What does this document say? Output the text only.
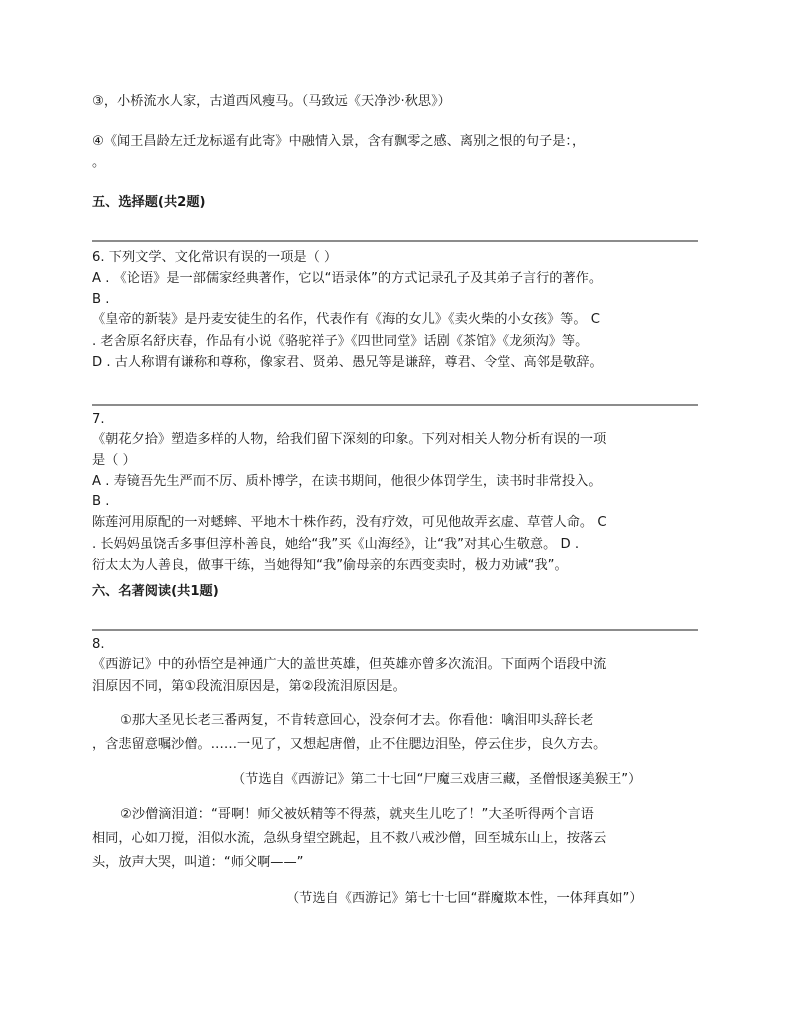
③，小桥流水人家，古道西风瘦马。（马致远《天净沙·秋思》）
④《闻王昌龄左迁龙标遥有此寄》中融情入景，含有飘零之感、离别之恨的句子是：，
。
五、选择题(共2题)
6. 下列文学、文化常识有误的一项是（ ）
A . 《论语》是一部儒家经典著作，它以“语录体”的方式记录孔子及其弟子言行的著作。
B .
《皇帝的新装》是丹麦安徒生的名作，代表作有《海的女儿》《卖火柴的小女孩》等。 C
. 老舍原名舒庆春，作品有小说《骆驼祥子》《四世同堂》话剧《茶馆》《龙须沟》等。
D . 古人称谓有谦称和尊称，像家君、贤弟、愚兄等是谦辞，尊君、令堂、高邻是敬辞。
7.
《朝花夕拾》塑造多样的人物，给我们留下深刻的印象。下列对相关人物分析有误的一项
是（ ）
A . 寿镜吾先生严而不厉、质朴博学，在读书期间，他很少体罚学生，读书时非常投入。
B .
陈莲河用原配的一对蟋蟀、平地木十株作药，没有疗效，可见他故弄玄虚、草菅人命。 C
. 长妈妈虽饶舌多事但淳朴善良，她给“我”买《山海经》，让“我”对其心生敬意。 D .
衍太太为人善良，做事干练，当她得知“我”偷母亲的东西变卖时，极力劝诫“我”。
六、名著阅读(共1题)
8.
《西游记》中的孙悟空是神通广大的盖世英雄，但英雄亦曾多次流泪。下面两个语段中流
泪原因不同，第①段流泪原因是，第②段流泪原因是。
①那大圣见长老三番两复，不肯转意回心，没奈何才去。你看他：噙泪叩头辞长老
，含悲留意嘱沙僧。……一见了，又想起唐僧，止不住腮边泪坠，停云住步，良久方去。
（节选自《西游记》第二十七回“尸魔三戏唐三藏，圣僧恨逐美猴王”）
②沙僧滴泪道：“哥啊！师父被妖精等不得蒸，就夹生儿吃了！”大圣听得两个言语
相同，心如刀搅，泪似水流，急纵身望空跳起，且不救八戒沙僧，回至城东山上，按落云
头，放声大哭，叫道：“师父啊——”
（节选自《西游记》第七十七回“群魔欺本性，一体拜真如”）
